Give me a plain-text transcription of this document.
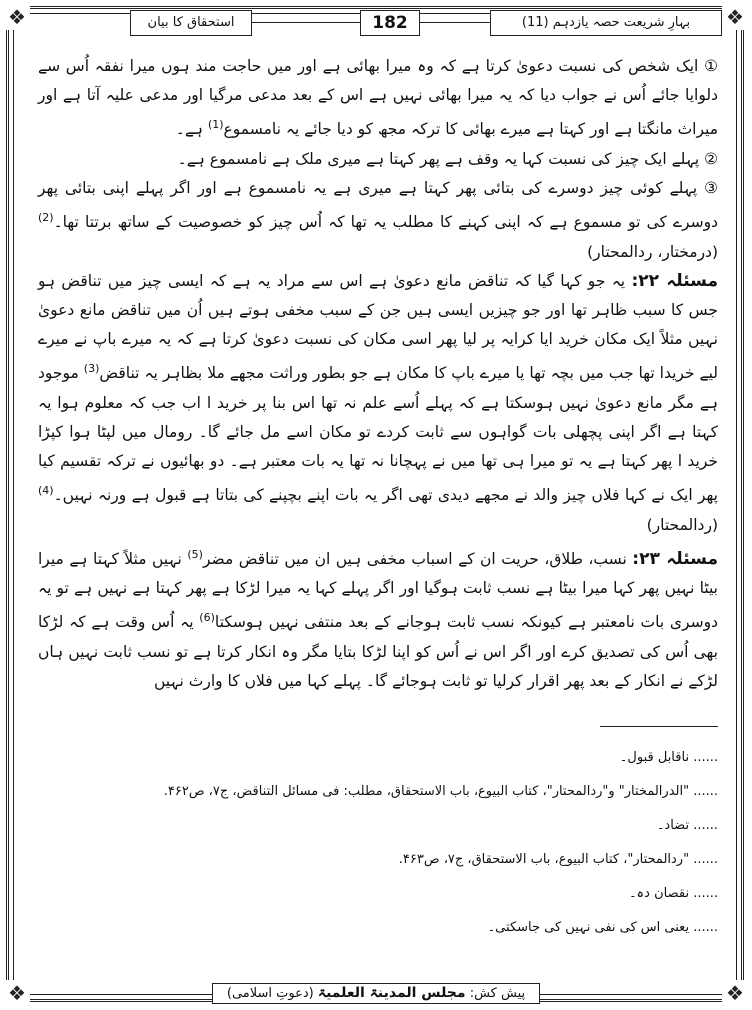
❖	❖
❖	❖
بہارِ شریعت حصہ یازدہم (11)
182
استحقاق کا بیان

① ایک شخص کی نسبت دعویٰ کرتا ہے کہ وہ میرا بھائی ہے اور میں حاجت مند ہوں میرا نفقہ اُس سے دلوایا جائے اُس نے جواب دیا کہ یہ میرا بھائی نہیں ہے اس کے بعد مدعی مرگیا اور مدعی علیہ آتا ہے اور میراث مانگتا ہے اور کہتا ہے میرے بھائی کا ترکہ مجھ کو دیا جائے یہ نامسموع$^{(1)}$ ہے۔

② پہلے ایک چیز کی نسبت کہا یہ وقف ہے پھر کہتا ہے میری ملک ہے نامسموع ہے۔

③ پہلے کوئی چیز دوسرے کی بتائی پھر کہتا ہے میری ہے یہ نامسموع ہے اور اگر پہلے اپنی بتائی پھر دوسرے کی تو مسموع ہے کہ اپنی کہنے کا مطلب یہ تھا کہ اُس چیز کو خصوصیت کے ساتھ برتتا تھا۔$^{(2)}$ (درمختار، ردالمحتار)

مسئلہ ۲۲: یہ جو کہا گیا کہ تناقض مانع دعویٰ ہے اس سے مراد یہ ہے کہ ایسی چیز میں تناقض ہو جس کا سبب ظاہر تھا اور جو چیزیں ایسی ہیں جن کے سبب مخفی ہوتے ہیں اُن میں تناقض مانع دعویٰ نہیں مثلاً ایک مکان خرید ایا کرایہ پر لیا پھر اسی مکان کی نسبت دعویٰ کرتا ہے کہ یہ میرے باپ نے میرے لیے خریدا تھا جب میں بچہ تھا یا میرے باپ کا مکان ہے جو بطور وراثت مجھے ملا بظاہر یہ تناقض$^{(3)}$ موجود ہے مگر مانع دعویٰ نہیں ہوسکتا ہے کہ پہلے اُسے علم نہ تھا اس بنا پر خرید ا اب جب کہ معلوم ہوا یہ کہتا ہے اگر اپنی پچھلی بات گواہوں سے ثابت کردے تو مکان اسے مل جائے گا۔ رومال میں لپٹا ہوا کپڑا خرید ا پھر کہتا ہے یہ تو میرا ہی تھا میں نے پہچانا نہ تھا یہ بات معتبر ہے۔ دو بھائیوں نے ترکہ تقسیم کیا پھر ایک نے کہا فلاں چیز والد نے مجھے دیدی تھی اگر یہ بات اپنے بچپنے کی بتاتا ہے قبول ہے ورنہ نہیں۔$^{(4)}$ (ردالمحتار)

مسئلہ ۲۳: نسب، طلاق، حریت ان کے اسباب مخفی ہیں ان میں تناقض مضر$^{(5)}$ نہیں مثلاً کہتا ہے میرا بیٹا نہیں پھر کہا میرا بیٹا ہے نسب ثابت ہوگیا اور اگر پہلے کہا یہ میرا لڑکا ہے پھر کہتا ہے نہیں ہے تو یہ دوسری بات نامعتبر ہے کیونکہ نسب ثابت ہوجانے کے بعد منتفی نہیں ہوسکتا$^{(6)}$ یہ اُس وقت ہے کہ لڑکا بھی اُس کی تصدیق کرے اور اگر اس نے اُس کو اپنا لڑکا بتایا مگر وہ انکار کرتا ہے تو نسب ثابت نہیں ہاں لڑکے نے انکار کے بعد پھر اقرار کرلیا تو ثابت ہوجائے گا۔ پہلے کہا میں فلاں کا وارث نہیں

...... ناقابل قبول۔

...... "الدرالمختار" و"ردالمحتار"، کتاب البیوع، باب الاستحقاق، مطلب: فی مسائل التناقض، ج۷، ص۴۶۲.

...... تضاد۔

...... "ردالمحتار"، کتاب البیوع، باب الاستحقاق، ج۷، ص۴۶۳.

...... نقصان دہ۔

...... یعنی اس کی نفی نہیں کی جاسکتی۔

پیش کش: مجلس المدینۃ العلمیۃ (دعوتِ اسلامی)
